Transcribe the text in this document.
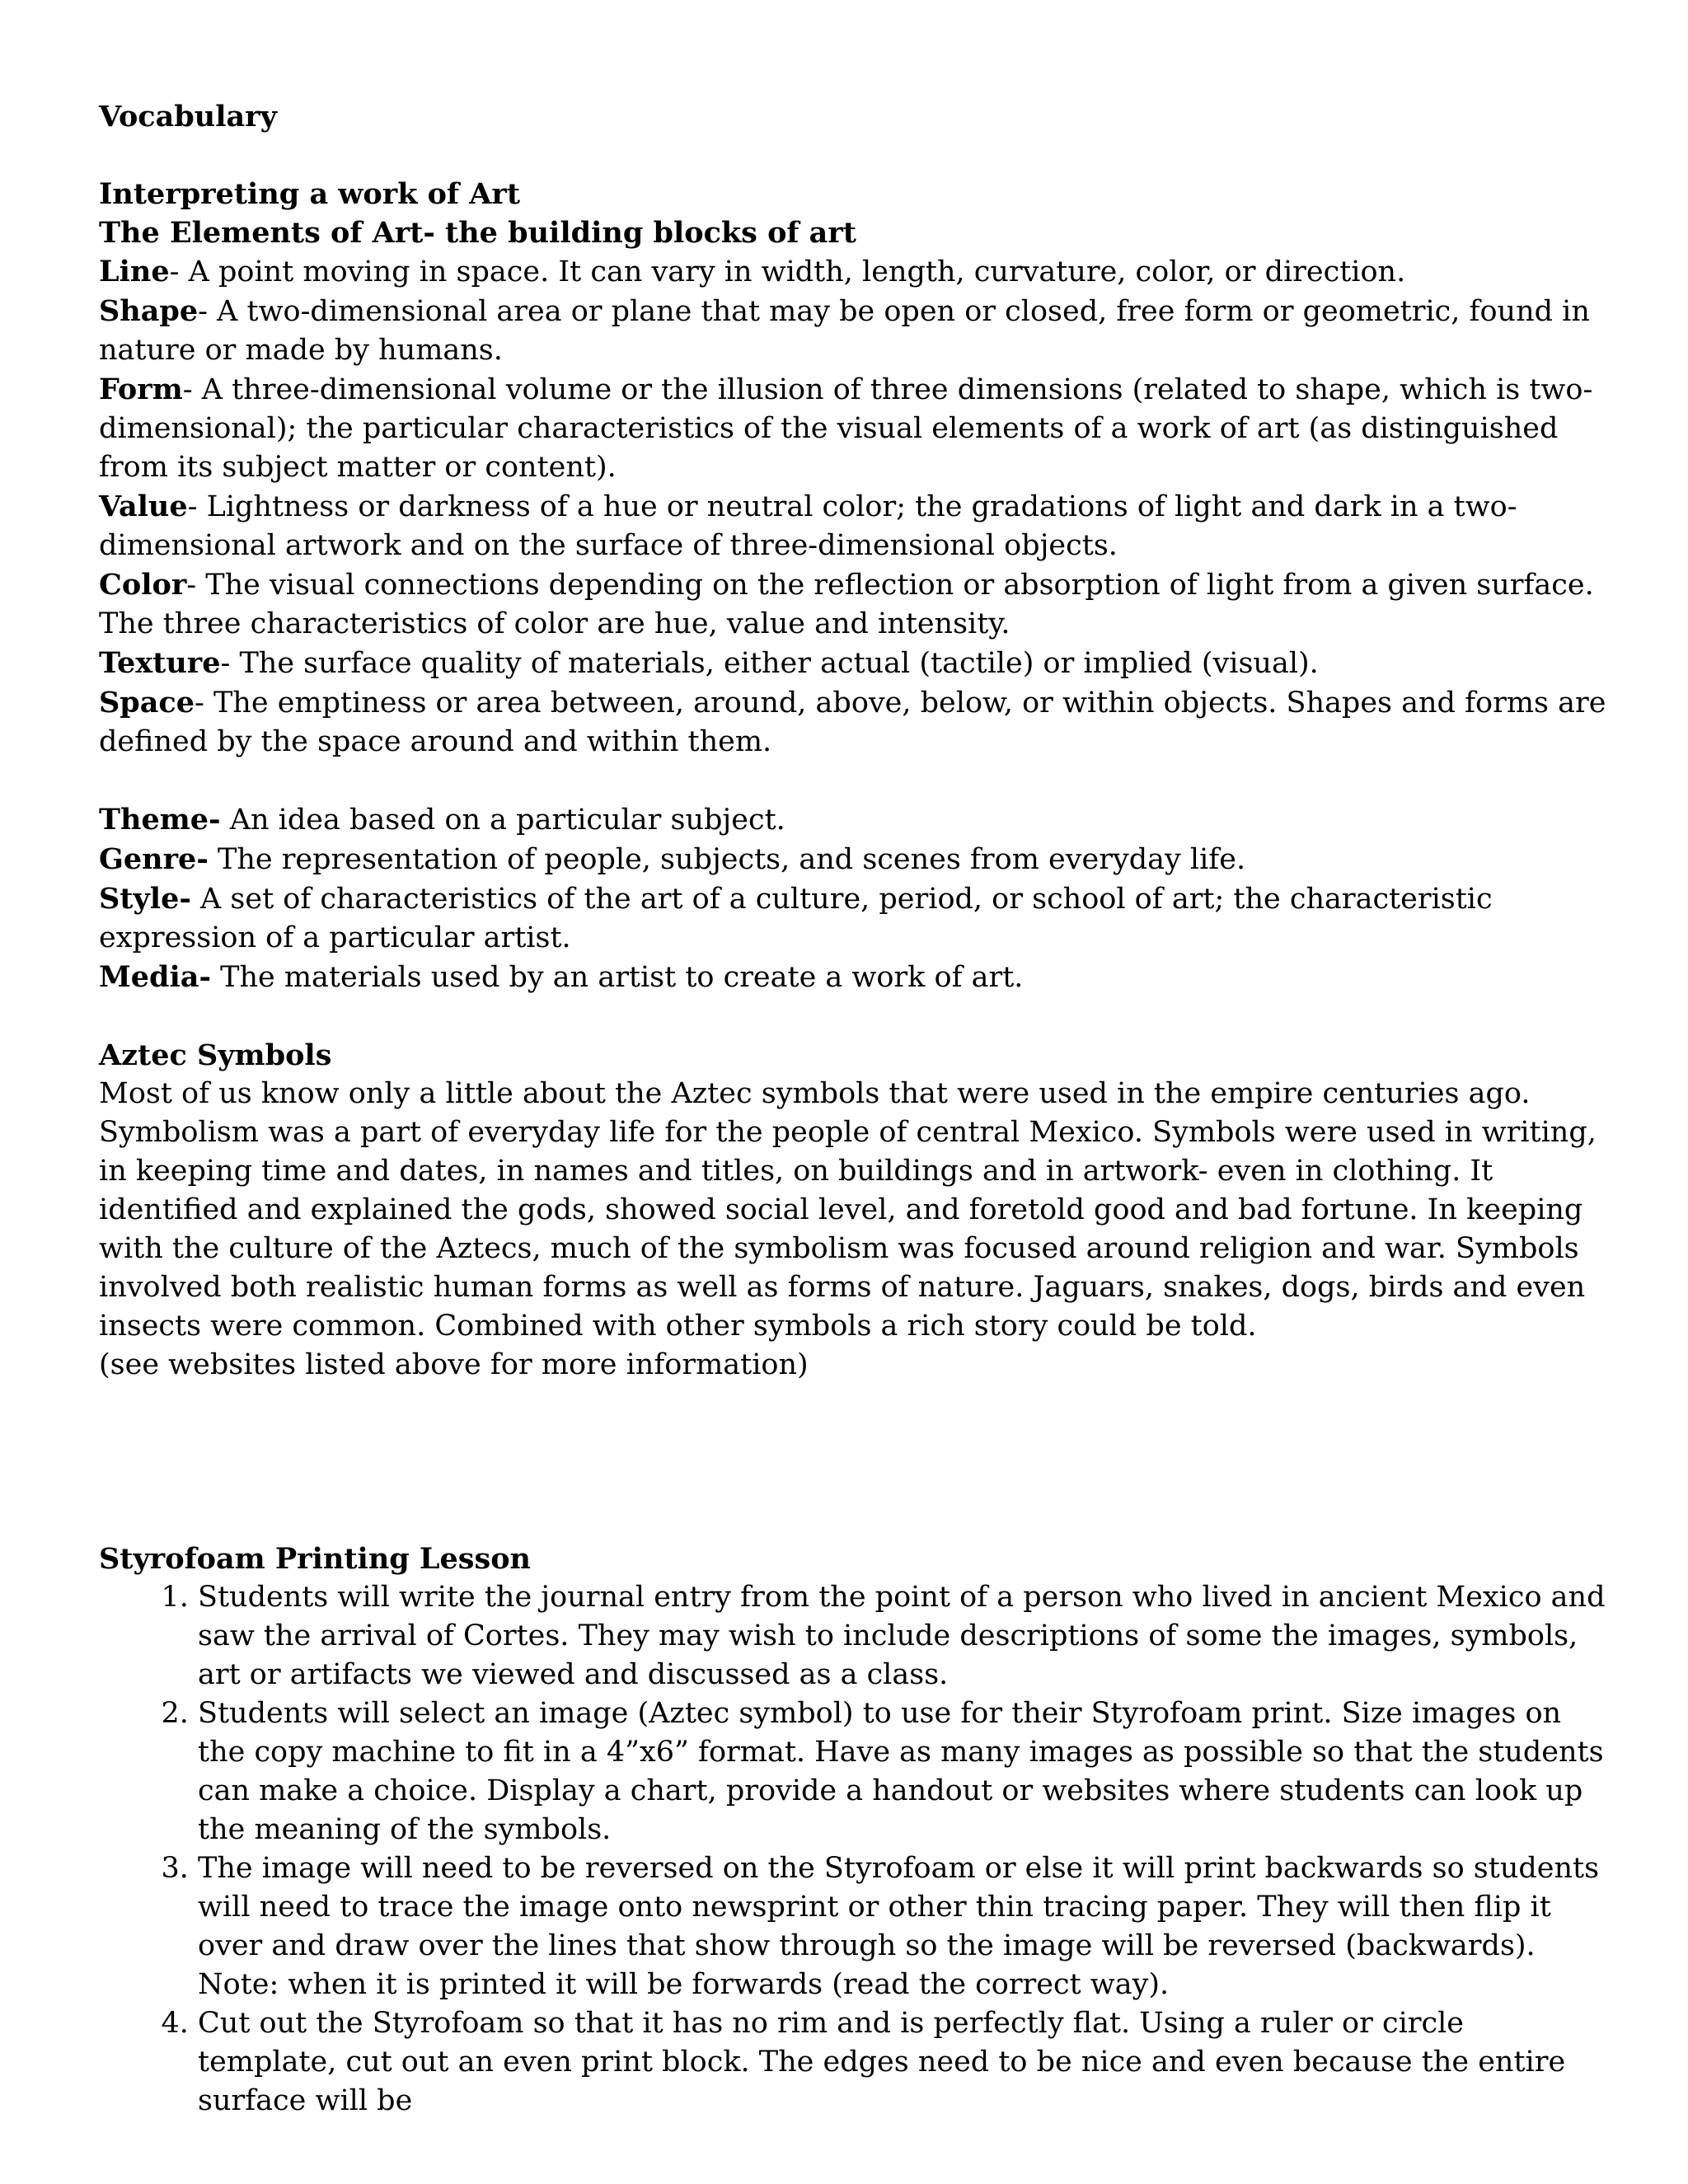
Vocabulary
Interpreting a work of Art
The Elements of Art- the building blocks of art
Line- A point moving in space. It can vary in width, length, curvature, color, or direction.
Shape- A two-dimensional area or plane that may be open or closed, free form or geometric, found in nature or made by humans.
Form- A three-dimensional volume or the illusion of three dimensions (related to shape, which is two-dimensional); the particular characteristics of the visual elements of a work of art (as distinguished from its subject matter or content).
Value- Lightness or darkness of a hue or neutral color; the gradations of light and dark in a two-dimensional artwork and on the surface of three-dimensional objects.
Color- The visual connections depending on the reflection or absorption of light from a given surface. The three characteristics of color are hue, value and intensity.
Texture- The surface quality of materials, either actual (tactile) or implied (visual).
Space- The emptiness or area between, around, above, below, or within objects. Shapes and forms are defined by the space around and within them.
Theme- An idea based on a particular subject.
Genre- The representation of people, subjects, and scenes from everyday life.
Style- A set of characteristics of the art of a culture, period, or school of art; the characteristic expression of a particular artist.
Media- The materials used by an artist to create a work of art.
Aztec Symbols

Most of us know only a little about the Aztec symbols that were used in the empire centuries ago. Symbolism was a part of everyday life for the people of central Mexico. Symbols were used in writing, in keeping time and dates, in names and titles, on buildings and in artwork- even in clothing. It identified and explained the gods, showed social level, and foretold good and bad fortune. In keeping with the culture of the Aztecs, much of the symbolism was focused around religion and war. Symbols involved both realistic human forms as well as forms of nature. Jaguars, snakes, dogs, birds and even insects were common. Combined with other symbols a rich story could be told.

(see websites listed above for more information)
Styrofoam Printing Lesson
1. Students will write the journal entry from the point of a person who lived in ancient Mexico and saw the arrival of Cortes. They may wish to include descriptions of some the images, symbols, art or artifacts we viewed and discussed as a class.
2. Students will select an image (Aztec symbol) to use for their Styrofoam print. Size images on the copy machine to fit in a 4”x6” format. Have as many images as possible so that the students can make a choice. Display a chart, provide a handout or websites where students can look up the meaning of the symbols.
3. The image will need to be reversed on the Styrofoam or else it will print backwards so students will need to trace the image onto newsprint or other thin tracing paper. They will then flip it over and draw over the lines that show through so the image will be reversed (backwards). Note: when it is printed it will be forwards (read the correct way).
4. Cut out the Styrofoam so that it has no rim and is perfectly flat. Using a ruler or circle template, cut out an even print block. The edges need to be nice and even because the entire surface will be
